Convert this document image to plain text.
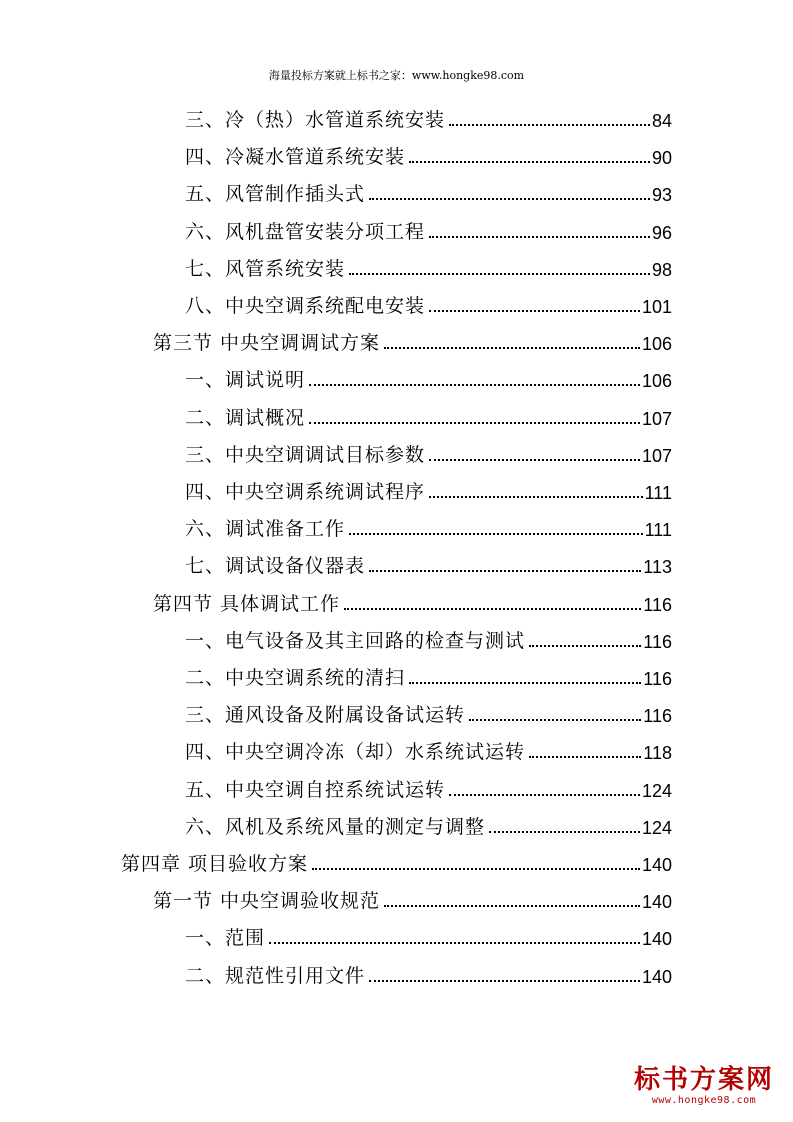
海量投标方案就上标书之家：www.hongke98.com
三、冷（热）水管道系统安装	84
四、冷凝水管道系统安装	90
五、风管制作插头式	93
六、风机盘管安装分项工程	96
七、风管系统安装	98
八、中央空调系统配电安装	101
第三节 中央空调调试方案	106
一、调试说明	106
二、调试概况	107
三、中央空调调试目标参数	107
四、中央空调系统调试程序	111
六、调试准备工作	111
七、调试设备仪器表	113
第四节 具体调试工作	116
一、电气设备及其主回路的检查与测试	116
二、中央空调系统的清扫	116
三、通风设备及附属设备试运转	116
四、中央空调冷冻（却）水系统试运转	118
五、中央空调自控系统试运转	124
六、风机及系统风量的测定与调整	124
第四章 项目验收方案	140
第一节 中央空调验收规范	140
一、范围	140
二、规范性引用文件	140
标书方案网
www.hongke98.com
